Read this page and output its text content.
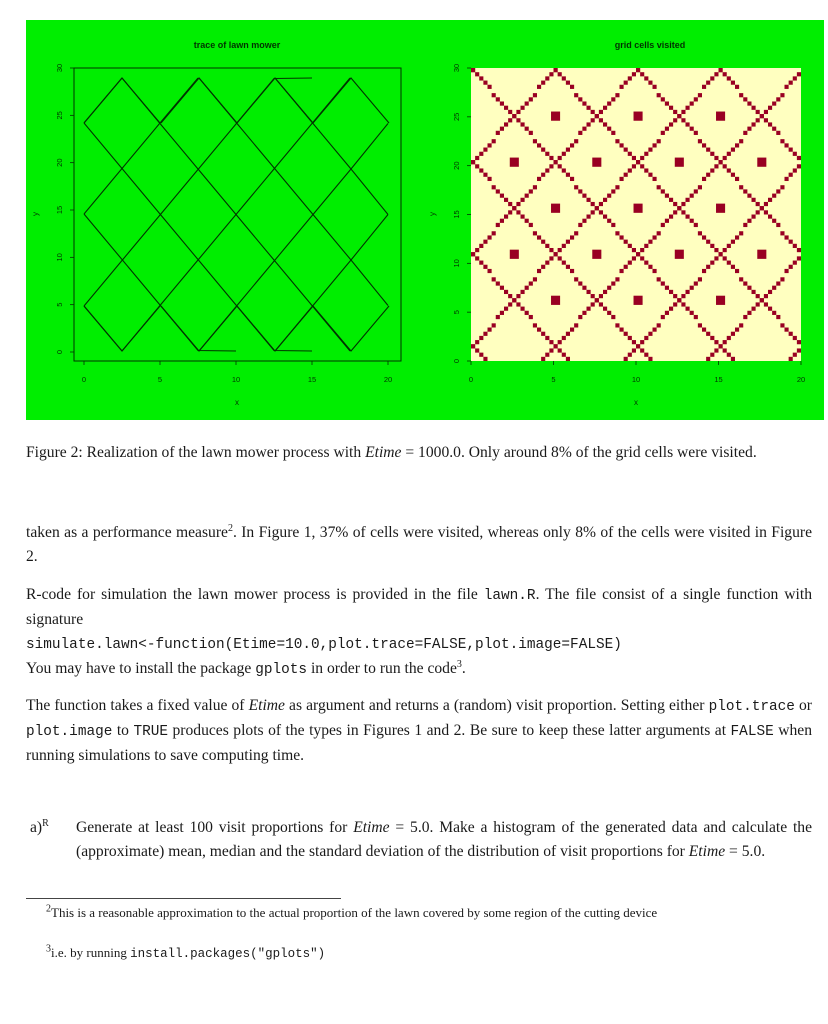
trace of lawn mower
0	5	10	15	20
0
5
10
15
20
25
30
x
y
grid cells visited
0	5	10	15	20
0
5
10
15
20
25
30
x
y

Figure 2: Realization of the lawn mower process with Etime = 1000.0. Only around 8% of the grid cells were visited.

taken as a performance measure$^2$. In Figure 1, 37% of cells were visited, whereas only 8% of the cells were visited in Figure 2.

R-code for simulation the lawn mower process is provided in the file lawn.R. The file consist of a single function with signature
simulate.lawn<-function(Etime=10.0,plot.trace=FALSE,plot.image=FALSE)
You may have to install the package gplots in order to run the code$^3$.

The function takes a fixed value of Etime as argument and returns a (random) visit proportion. Setting either plot.trace or plot.image to TRUE produces plots of the types in Figures 1 and 2. Be sure to keep these latter arguments at FALSE when running simulations to save computing time.

a)$^R$ Generate at least 100 visit proportions for Etime = 5.0. Make a histogram of the generated data and calculate the (approximate) mean, median and the standard deviation of the distribution of visit proportions for Etime = 5.0.

$^2$This is a reasonable approximation to the actual proportion of the lawn covered by some region of the cutting device
$^3$i.e. by running install.packages("gplots")
